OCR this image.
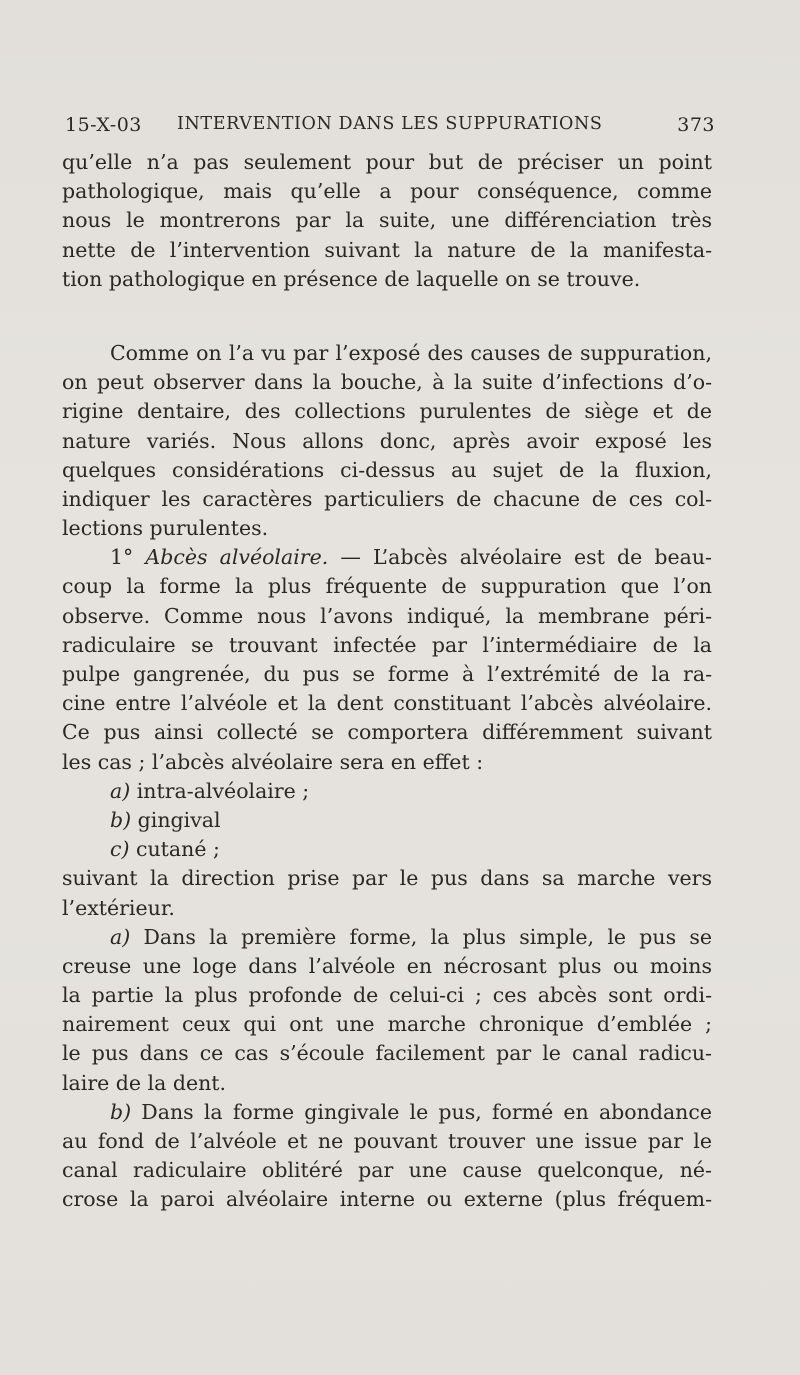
15-X-03 INTERVENTION DANS LES SUPPURATIONS	373
qu’elle n’a pas seulement pour but de préciser un point
pathologique, mais qu’elle a pour conséquence, comme
nous le montrerons par la suite, une différenciation très
nette de l’intervention suivant la nature de la manifesta-
tion pathologique en présence de laquelle on se trouve.
Comme on l’a vu par l’exposé des causes de suppuration,
on peut observer dans la bouche, à la suite d’infections d’o-
rigine dentaire, des collections purulentes de siège et de
nature variés. Nous allons donc, après avoir exposé les
quelques considérations ci-dessus au sujet de la fluxion,
indiquer les caractères particuliers de chacune de ces col-
lections purulentes.
1° Abcès alvéolaire. — L’abcès alvéolaire est de beau-
coup la forme la plus fréquente de suppuration que l’on
observe. Comme nous l’avons indiqué, la membrane péri-
radiculaire se trouvant infectée par l’intermédiaire de la
pulpe gangrenée, du pus se forme à l’extrémité de la ra-
cine entre l’alvéole et la dent constituant l’abcès alvéolaire.
Ce pus ainsi collecté se comportera différemment suivant
les cas ; l’abcès alvéolaire sera en effet :
a) intra-alvéolaire ;
b) gingival
c) cutané ;
suivant la direction prise par le pus dans sa marche vers
l’extérieur.
a) Dans la première forme, la plus simple, le pus se
creuse une loge dans l’alvéole en nécrosant plus ou moins
la partie la plus profonde de celui-ci ; ces abcès sont ordi-
nairement ceux qui ont une marche chronique d’emblée ;
le pus dans ce cas s’écoule facilement par le canal radicu-
laire de la dent.
b) Dans la forme gingivale le pus, formé en abondance
au fond de l’alvéole et ne pouvant trouver une issue par le
canal radiculaire oblitéré par une cause quelconque, né-
crose la paroi alvéolaire interne ou externe (plus fréquem-
